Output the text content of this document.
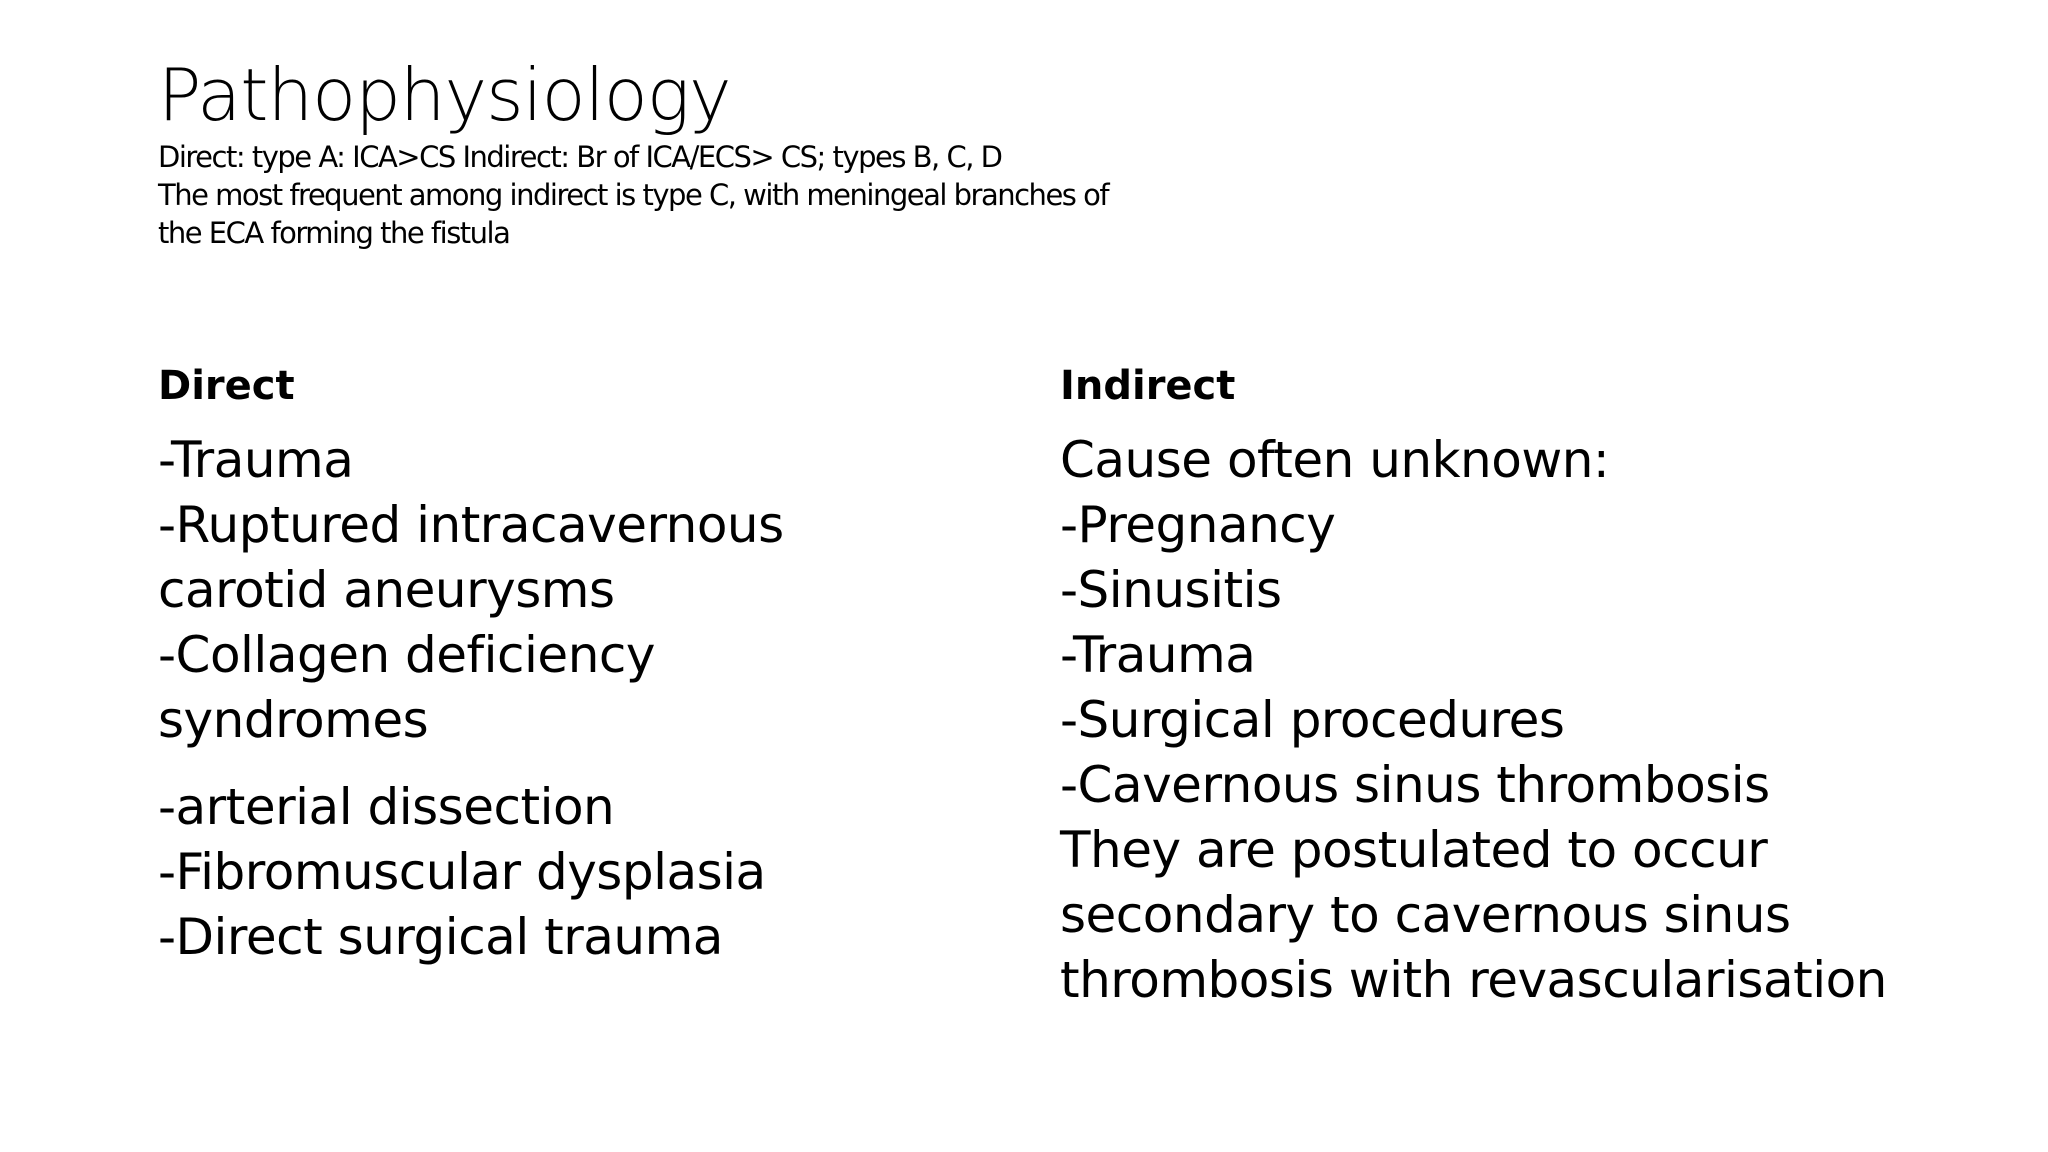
Pathophysiology

Direct: type A: ICA>CS Indirect: Br of ICA/ECS> CS; types B, C, D

The most frequent among indirect is type C, with meningeal branches of

the ECA forming the fistula

Direct
-Trauma
-Ruptured intracavernous
carotid aneurysms
-Collagen deficiency
syndromes
-arterial dissection
-Fibromuscular dysplasia
-Direct surgical trauma
Indirect
Cause often unknown:
-Pregnancy
-Sinusitis
-Trauma
-Surgical procedures
-Cavernous sinus thrombosis
They are postulated to occur
secondary to cavernous sinus
thrombosis with revascularisation
